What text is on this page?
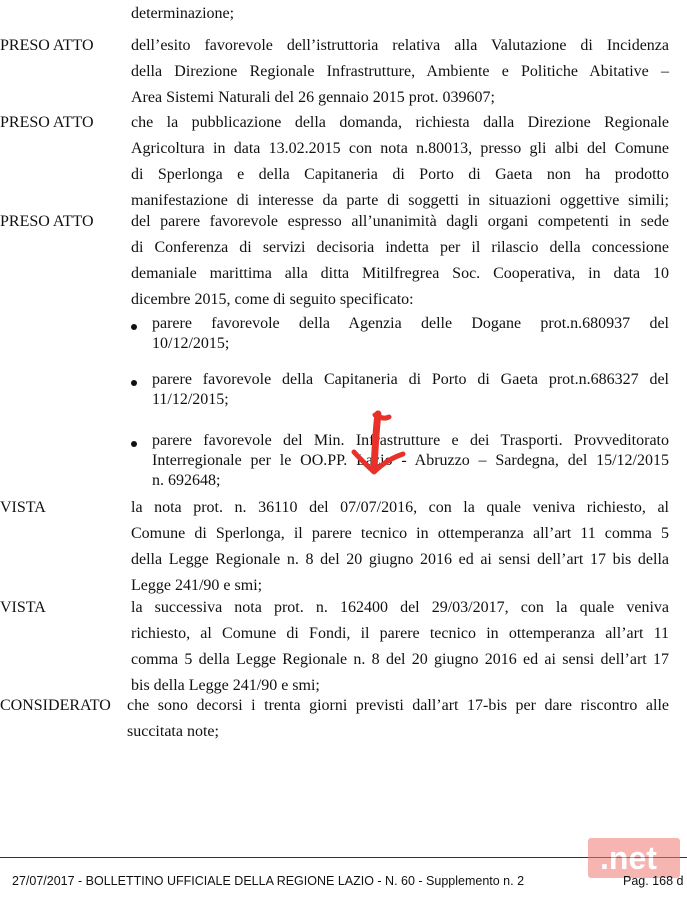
determinazione;
PRESO ATTO dell’esito favorevole dell’istruttoria relativa alla Valutazione di Incidenza
della Direzione Regionale Infrastrutture, Ambiente e Politiche Abitative –
Area Sistemi Naturali del 26 gennaio 2015 prot. 039607;
PRESO ATTO che la pubblicazione della domanda, richiesta dalla Direzione Regionale
Agricoltura in data 13.02.2015 con nota n.80013, presso gli albi del Comune
di Sperlonga e della Capitaneria di Porto di Gaeta non ha prodotto
manifestazione di interesse da parte di soggetti in situazioni oggettive simili;
PRESO ATTO del parere favorevole espresso all’unanimità dagli organi competenti in sede
di Conferenza di servizi decisoria indetta per il rilascio della concessione
demaniale marittima alla ditta Mitilfregrea Soc. Cooperativa, in data 10
dicembre 2015, come di seguito specificato:
parere favorevole della Agenzia delle Dogane prot.n.680937 del
10/12/2015;
parere favorevole della Capitaneria di Porto di Gaeta prot.n.686327 del
11/12/2015;
parere favorevole del Min. Infrastrutture e dei Trasporti. Provveditorato
Interregionale per le OO.PP. Lazio - Abruzzo – Sardegna, del 15/12/2015
n. 692648;
VISTA	la nota prot. n. 36110 del 07/07/2016, con la quale veniva richiesto, al
Comune di Sperlonga, il parere tecnico in ottemperanza all’art 11 comma 5
della Legge Regionale n. 8 del 20 giugno 2016 ed ai sensi dell’art 17 bis della
Legge 241/90 e smi;
VISTA	la successiva nota prot. n. 162400 del 29/03/2017, con la quale veniva
richiesto, al Comune di Fondi, il parere tecnico in ottemperanza all’art 11
comma 5 della Legge Regionale n. 8 del 20 giugno 2016 ed ai sensi dell’art 17
bis della Legge 241/90 e smi;
CONSIDERATO che sono decorsi i trenta giorni previsti dall’art 17-bis per dare riscontro alle
succitata note;
.net
27/07/2017 - BOLLETTINO UFFICIALE DELLA REGIONE LAZIO - N. 60 - Supplemento n. 2	Pag. 168 d
